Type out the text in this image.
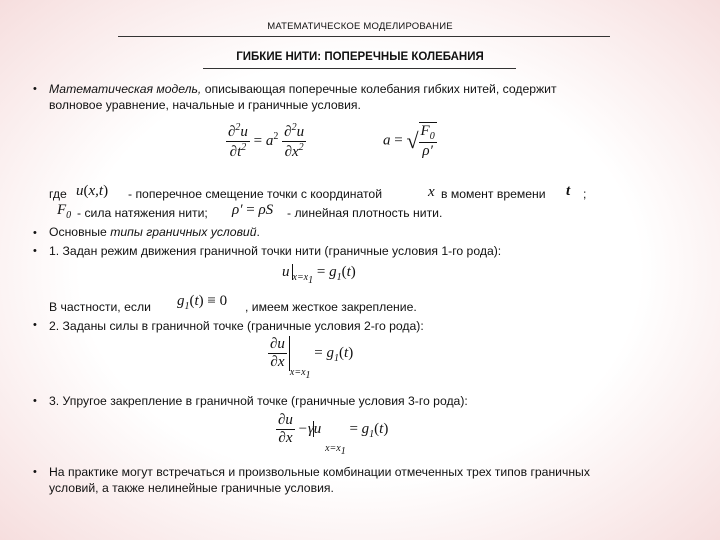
МАТЕМАТИЧЕСКОЕ МОДЕЛИРОВАНИЕ
ГИБКИЕ НИТИ: ПОПЕРЕЧНЫЕ КОЛЕБАНИЯ
•
•
•
•
•
•
Математическая модель, описывающая поперечные колебания гибких нитей, содержит
волновое уравнение, начальные и граничные условия.
$\frac{\partial^2u}{\partial t^2} = a^2 \frac{\partial^2u}{\partial x^2}$	a = √ $\frac{F_0}{\rho'}$
где u(x,t) - поперечное смещение точки с координатой	x в момент времени t ;
$F_0$ - сила натяжения нити; ρ′ = ρS - линейная плотность нити.
Основные типы граничных условий.
1. Задан режим движения граничной точки нити (граничные условия 1-го рода):
u $_{x=x_1} = g_1(t)$
В частности, если $g_1(t) \equiv 0$ , имеем жесткое закрепление.
2. Заданы силы в граничной точке (граничные условия 2-го рода):
$\frac{\partial u}{\partial x}$
$_{x=x_1} = g_1(t)$
3. Упругое закрепление в граничной точке (граничные условия 3-го рода):
$\frac{\partial u}{\partial x} - \gamma u$ $_{x=x_1} = g_1(t)$
На практике могут встречаться и произвольные комбинации отмеченных трех типов граничных
условий, а также нелинейные граничные условия.
